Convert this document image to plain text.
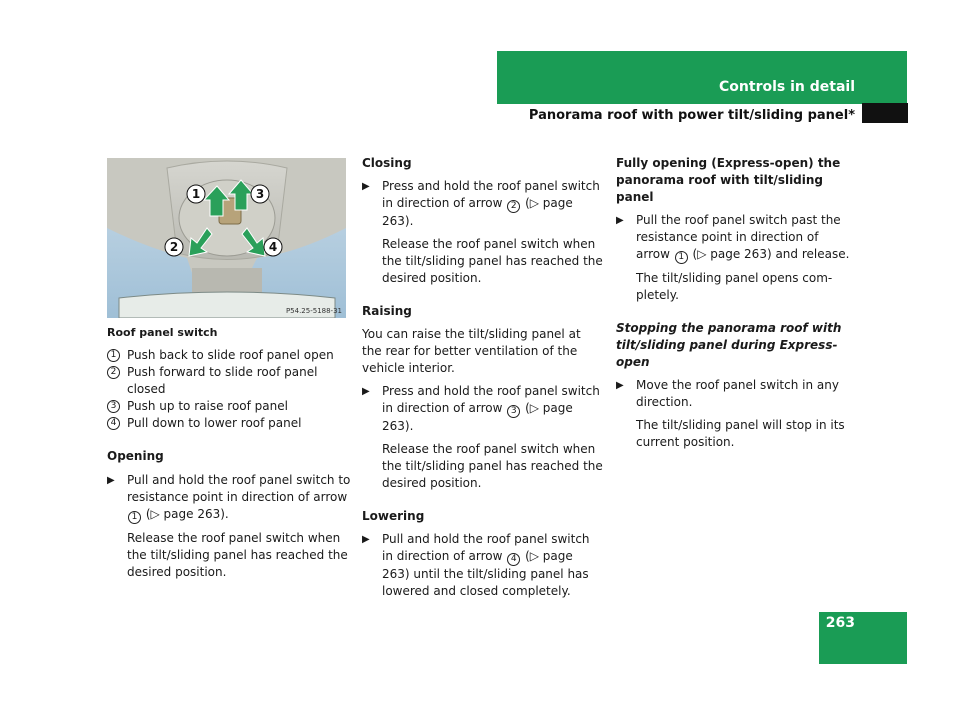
Controls in detail
Panorama roof with power tilt/sliding panel*
1	3
2	4
P54.25-5188-31
Roof panel switch
1 Push back to slide roof panel open
2 Push forward to slide roof panel closed
3 Push up to raise roof panel
4 Pull down to lower roof panel

Opening

▶ Pull and hold the roof panel switch to resistance point in direction of arrow 1 (▷ page 263).

Release the roof panel switch when the tilt/sliding panel has reached the desired position.

Closing

▶ Press and hold the roof panel switch in direction of arrow 2 (▷ page 263).

Release the roof panel switch when the tilt/sliding panel has reached the desired position.

Raising

You can raise the tilt/sliding panel at the rear for better ventilation of the vehicle interior.

▶ Press and hold the roof panel switch in direction of arrow 3 (▷ page 263).

Release the roof panel switch when the tilt/sliding panel has reached the desired position.

Lowering

▶ Pull and hold the roof panel switch in direction of arrow 4 (▷ page 263) until the tilt/sliding panel has lowered and closed completely.

Fully opening (Express-open) the panorama roof with tilt/sliding panel

▶ Pull the roof panel switch past the resistance point in direction of arrow 1 (▷ page 263) and release.

The tilt/sliding panel opens com-pletely.

Stopping the panorama roof with tilt/sliding panel during Express-open

▶ Move the roof panel switch in any direction.

The tilt/sliding panel will stop in its current position.

263
